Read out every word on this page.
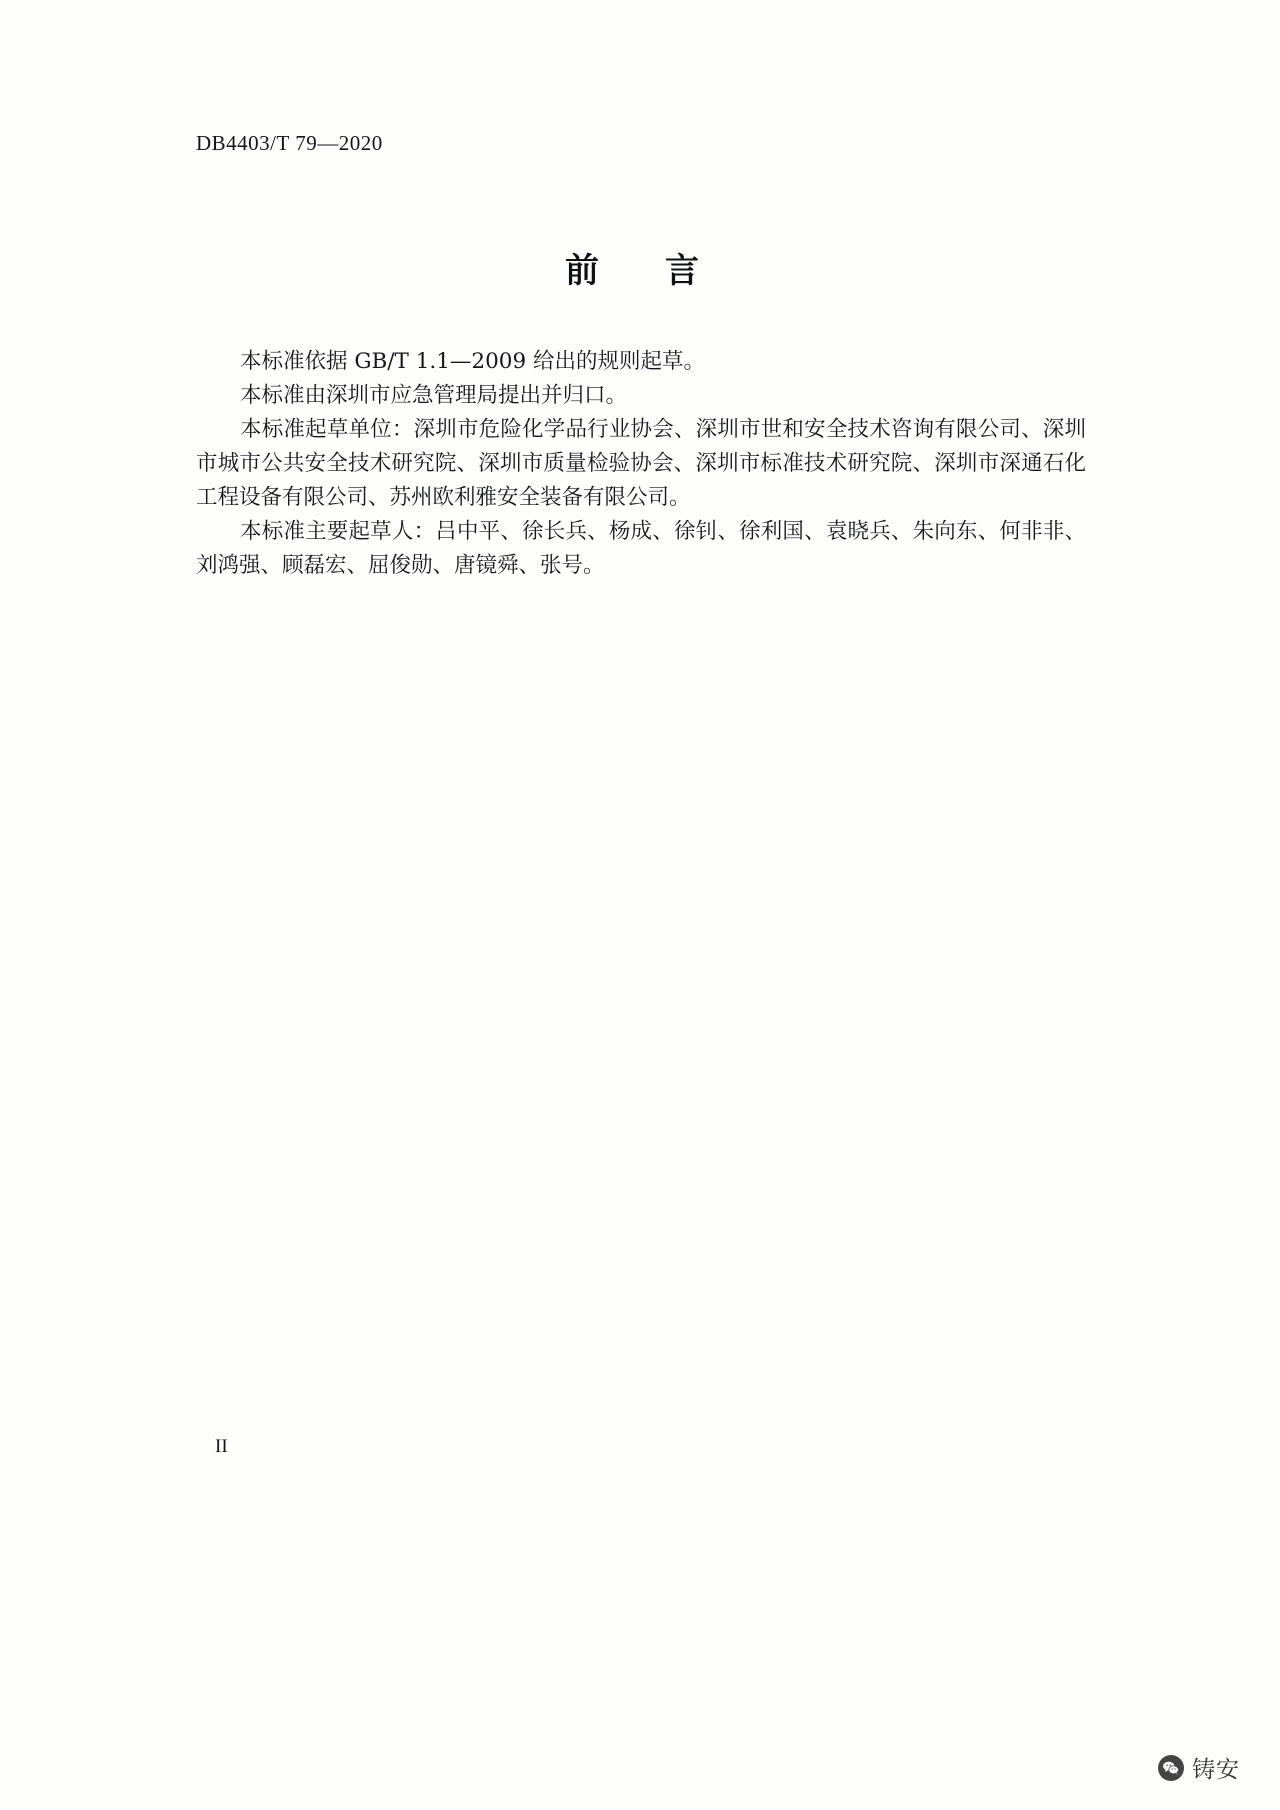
DB4403/T 79—2020
前　言

本标准依据 GB/T 1.1—2009 给出的规则起草。

本标准由深圳市应急管理局提出并归口。

本标准起草单位：深圳市危险化学品行业协会、深圳市世和安全技术咨询有限公司、深圳市城市公共安全技术研究院、深圳市质量检验协会、深圳市标准技术研究院、深圳市深通石化工程设备有限公司、苏州欧利雅安全装备有限公司。

本标准主要起草人：吕中平、徐长兵、杨成、徐钊、徐利国、袁晓兵、朱向东、何非非、刘鸿强、顾磊宏、屈俊勋、唐镜舜、张号。

II
铸安
